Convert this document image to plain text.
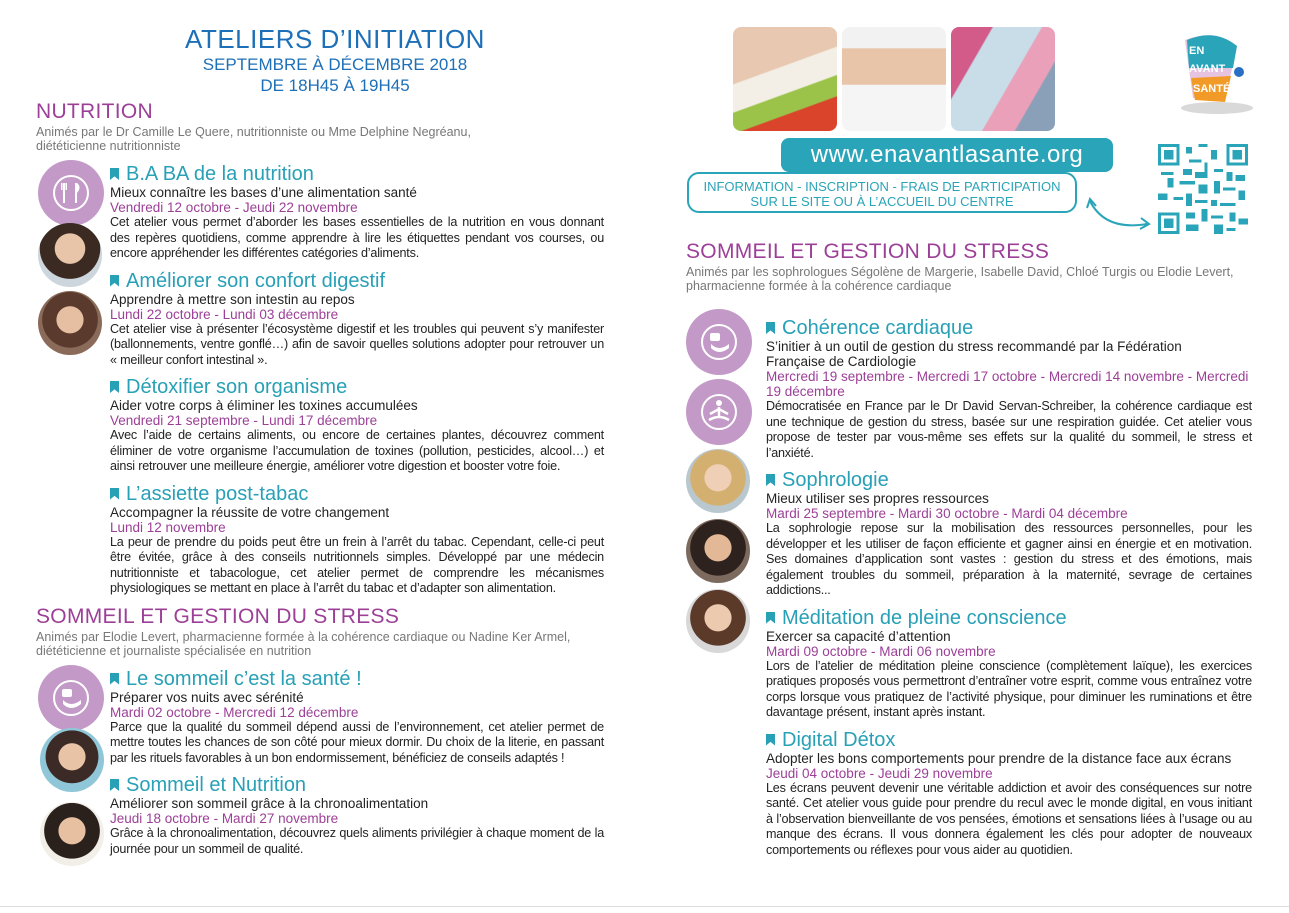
ATELIERS D’INITIATION
SEPTEMBRE À DÉCEMBRE 2018
DE 18H45 À 19H45
NUTRITION
Animés par le Dr Camille Le Quere, nutritionniste ou Mme Delphine Negréanu, diététicienne nutritionniste
B.A BA de la nutrition
Mieux connaître les bases d’une alimentation santé
Vendredi 12 octobre - Jeudi 22 novembre
Cet atelier vous permet d’aborder les bases essentielles de la nutrition en vous donnant des repères quotidiens, comme apprendre à lire les étiquettes pendant vos courses, ou encore appréhender les différentes catégories d’aliments.
Améliorer son confort digestif
Apprendre à mettre son intestin au repos
Lundi 22 octobre - Lundi 03 décembre
Cet atelier vise à présenter l’écosystème digestif et les troubles qui peuvent s’y manifester (ballonnements, ventre gonflé…) afin de savoir quelles solutions adopter pour retrouver un « meilleur confort intestinal ».
Détoxifier son organisme
Aider votre corps à éliminer les toxines accumulées
Vendredi 21 septembre - Lundi 17 décembre
Avec l’aide de certains aliments, ou encore de certaines plantes, découvrez comment éliminer de votre organisme l’accumulation de toxines (pollution, pesticides, alcool…) et ainsi retrouver une meilleure énergie, améliorer votre digestion et booster votre foie.
L’assiette post-tabac
Accompagner la réussite de votre changement
Lundi 12 novembre
La peur de prendre du poids peut être un frein à l’arrêt du tabac. Cependant, celle-ci peut être évitée, grâce à des conseils nutritionnels simples. Développé par une médecin nutritionniste et tabacologue, cet atelier permet de comprendre les mécanismes physiologiques se mettant en place à l’arrêt du tabac et d’adapter son alimentation.
SOMMEIL ET GESTION DU STRESS
Animés par Elodie Levert, pharmacienne formée à la cohérence cardiaque ou Nadine Ker Armel, diététicienne et journaliste spécialisée en nutrition
Le sommeil c’est la santé !
Préparer vos nuits avec sérénité
Mardi 02 octobre - Mercredi 12 décembre
Parce que la qualité du sommeil dépend aussi de l’environnement, cet atelier permet de mettre toutes les chances de son côté pour mieux dormir. Du choix de la literie, en passant par les rituels favorables à un bon endormissement, bénéficiez de conseils adaptés !
Sommeil et Nutrition
Améliorer son sommeil grâce à la chronoalimentation
Jeudi 18 octobre - Mardi 27 novembre
Grâce à la chronoalimentation, découvrez quels aliments privilégier à chaque moment de la journée pour un sommeil de qualité.
EN
AVANT
SANTÉ
www.enavantlasante.org
INFORMATION - INSCRIPTION - FRAIS DE PARTICIPATION
SUR LE SITE OU À L’ACCUEIL DU CENTRE
SOMMEIL ET GESTION DU STRESS
Animés par les sophrologues Ségolène de Margerie, Isabelle David, Chloé Turgis ou Elodie Levert, pharmacienne formée à la cohérence cardiaque
Cohérence cardiaque
S’initier à un outil de gestion du stress recommandé par la Fédération Française de Cardiologie
Mercredi 19 septembre - Mercredi 17 octobre - Mercredi 14 novembre - Mercredi 19 décembre
Démocratisée en France par le Dr David Servan-Schreiber, la cohérence cardiaque est une technique de gestion du stress, basée sur une respiration guidée. Cet atelier vous propose de tester par vous-même ses effets sur la qualité du sommeil, le stress et l’anxiété.
Sophrologie
Mieux utiliser ses propres ressources
Mardi 25 septembre - Mardi 30 octobre - Mardi 04 décembre
La sophrologie repose sur la mobilisation des ressources personnelles, pour les développer et les utiliser de façon efficiente et gagner ainsi en énergie et en motivation. Ses domaines d’application sont vastes : gestion du stress et des émotions, mais également troubles du sommeil, préparation à la maternité, sevrage de certaines addictions...
Méditation de pleine conscience
Exercer sa capacité d’attention
Mardi 09 octobre - Mardi 06 novembre
Lors de l’atelier de méditation pleine conscience (complètement laïque), les exercices pratiques proposés vous permettront d’entraîner votre esprit, comme vous entraînez votre corps lorsque vous pratiquez de l’activité physique, pour diminuer les ruminations et être davantage présent, instant après instant.
Digital Détox
Adopter les bons comportements pour prendre de la distance face aux écrans
Jeudi 04 octobre - Jeudi 29 novembre
Les écrans peuvent devenir une véritable addiction et avoir des conséquences sur notre santé. Cet atelier vous guide pour prendre du recul avec le monde digital, en vous initiant à l’observation bienveillante de vos pensées, émotions et sensations liées à l’usage ou au manque des écrans. Il vous donnera également les clés pour adopter de nouveaux comportements ou réflexes pour vous aider au quotidien.
